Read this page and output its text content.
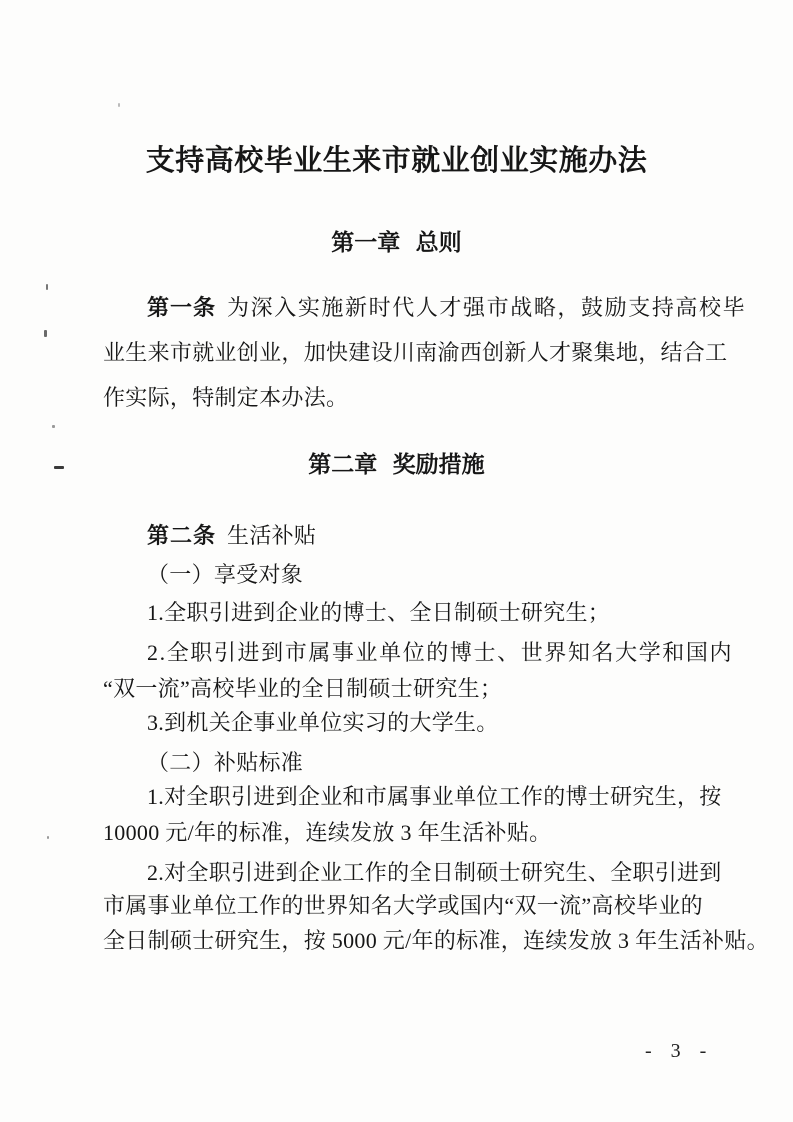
支持高校毕业生来市就业创业实施办法
第一章 总则
第一条 为深入实施新时代人才强市战略，鼓励支持高校毕
业生来市就业创业，加快建设川南渝西创新人才聚集地，结合工
作实际，特制定本办法。
第二章 奖励措施
第二条 生活补贴
（一）享受对象
1.全职引进到企业的博士、全日制硕士研究生；
2.全职引进到市属事业单位的博士、世界知名大学和国内
“双一流”高校毕业的全日制硕士研究生；
3.到机关企事业单位实习的大学生。
（二）补贴标准
1.对全职引进到企业和市属事业单位工作的博士研究生，按
10000 元/年的标准，连续发放 3 年生活补贴。
2.对全职引进到企业工作的全日制硕士研究生、全职引进到
市属事业单位工作的世界知名大学或国内“双一流”高校毕业的
全日制硕士研究生，按 5000 元/年的标准，连续发放 3 年生活补贴。
- 3 -
